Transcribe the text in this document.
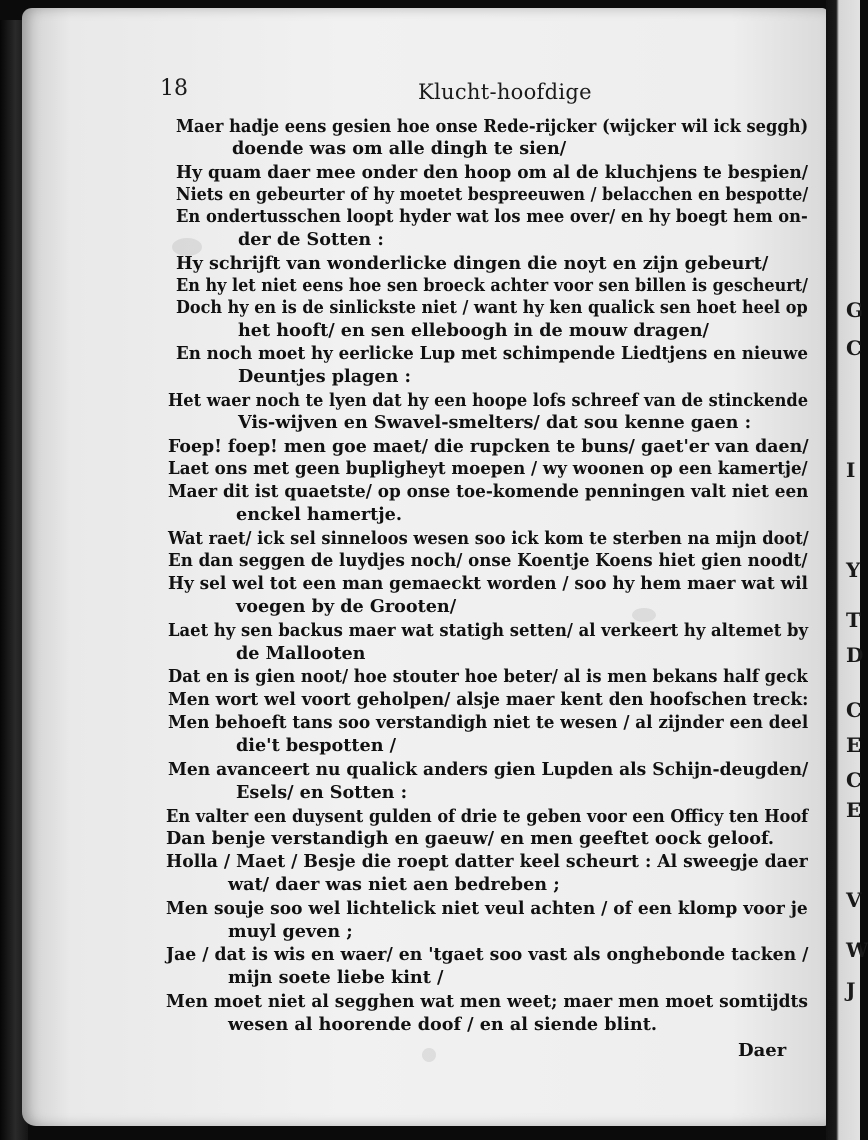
18	Klucht-hoofdige
Maer hadje eens gesien hoe onse Rede-rijcker (wijcker wil ick seggh)
doende was om alle dingh te sien/
Hy quam daer mee onder den hoop om al de kluchjens te bespien/
Niets en gebeurter of hy moetet bespreeuwen / belacchen en bespotte/
En ondertusschen loopt hyder wat los mee over/ en hy boegt hem on-
der de Sotten :
Hy schrijft van wonderlicke dingen die noyt en zijn gebeurt/
En hy let niet eens hoe sen broeck achter voor sen billen is gescheurt/
Doch hy en is de sinlickste niet / want hy ken qualick sen hoet heel op
het hooft/ en sen elleboogh in de mouw dragen/
En noch moet hy eerlicke Lup met schimpende Liedtjens en nieuwe
Deuntjes plagen :
Het waer noch te lyen dat hy een hoope lofs schreef van de stinckende
Vis-wijven en Swavel-smelters/ dat sou kenne gaen :
Foep! foep! men goe maet/ die rupcken te buns/ gaet'er van daen/
Laet ons met geen bupligheyt moepen / wy woonen op een kamertje/
Maer dit ist quaetste/ op onse toe-komende penningen valt niet een
enckel hamertje.
Wat raet/ ick sel sinneloos wesen soo ick kom te sterben na mijn doot/
En dan seggen de luydjes noch/ onse Koentje Koens hiet gien noodt/
Hy sel wel tot een man gemaeckt worden / soo hy hem maer wat wil
voegen by de Grooten/
Laet hy sen backus maer wat statigh setten/ al verkeert hy altemet by
de Mallooten
Dat en is gien noot/ hoe stouter hoe beter/ al is men bekans half geck
Men wort wel voort geholpen/ alsje maer kent den hoofschen treck:
Men behoeft tans soo verstandigh niet te wesen / al zijnder een deel
die't bespotten /
Men avanceert nu qualick anders gien Lupden als Schijn-deugden/
Esels/ en Sotten :
En valter een duysent gulden of drie te geben voor een Officy ten Hoof
Dan benje verstandigh en gaeuw/ en men geeftet oock geloof.
Holla / Maet / Besje die roept datter keel scheurt : Al sweegje daer
wat/ daer was niet aen bedreben ;
Men souje soo wel lichtelick niet veul achten / of een klomp voor je
muyl geven ;
Jae / dat is wis en waer/ en 'tgaet soo vast als onghebonde tacken /
mijn soete liebe kint /
Men moet niet al segghen wat men weet; maer men moet somtijdts
wesen al hoorende doof / en al siende blint.
Daer
G
C
I
Y
T
D
C
E
C
E
V
W
J
